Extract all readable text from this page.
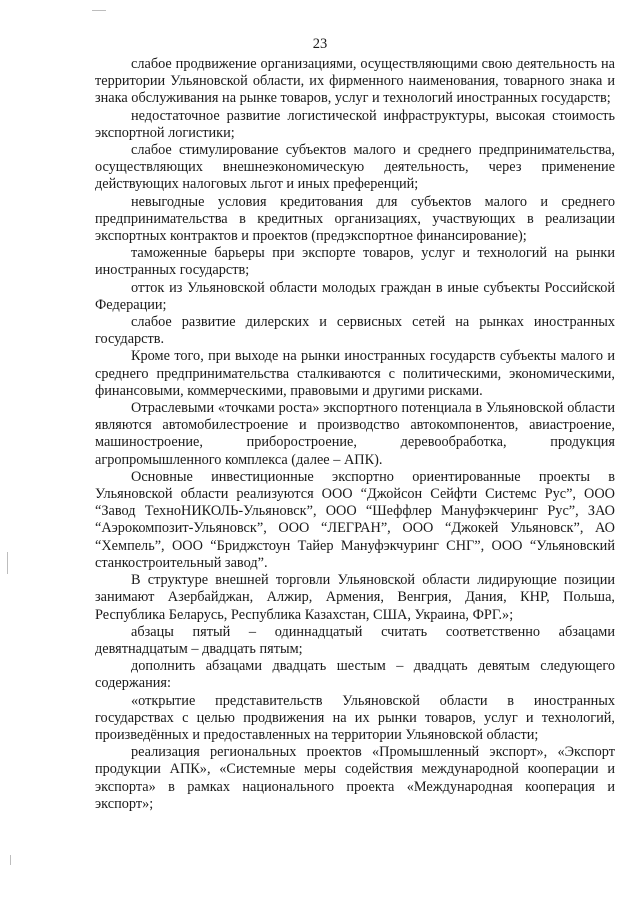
23

слабое продвижение организациями, осуществляющими свою деятельность на территории Ульяновской области, их фирменного наименования, товарного знака и знака обслуживания на рынке товаров, услуг и технологий иностранных государств;

недостаточное развитие логистической инфраструктуры, высокая стоимость экспортной логистики;

слабое стимулирование субъектов малого и среднего предпринимательства, осуществляющих внешнеэкономическую деятельность, через применение действующих налоговых льгот и иных преференций;

невыгодные условия кредитования для субъектов малого и среднего предпринимательства в кредитных организациях, участвующих в реализации экспортных контрактов и проектов (предэкспортное финансирование);

таможенные барьеры при экспорте товаров, услуг и технологий на рынки иностранных государств;

отток из Ульяновской области молодых граждан в иные субъекты Российской Федерации;

слабое развитие дилерских и сервисных сетей на рынках иностранных государств.

Кроме того, при выходе на рынки иностранных государств субъекты малого и среднего предпринимательства сталкиваются с политическими, экономическими, финансовыми, коммерческими, правовыми и другими рисками.

Отраслевыми «точками роста» экспортного потенциала в Ульяновской области являются автомобилестроение и производство автокомпонентов, авиастроение, машиностроение, приборостроение, деревообработка, продукция агропромышленного комплекса (далее – АПК).

Основные инвестиционные экспортно ориентированные проекты в Ульяновской области реализуются ООО “Джойсон Сейфти Системс Рус”, ООО “Завод ТехноНИКОЛЬ-Ульяновск”, ООО “Шеффлер Мануфэкчеринг Рус”, ЗАО “Аэрокомпозит-Ульяновск”, ООО “ЛЕГРАН”, ООО “Джокей Ульяновск”, АО “Хемпель”, ООО “Бриджстоун Тайер Мануфэкчуринг СНГ”, ООО “Ульяновский станкостроительный завод”.

В структуре внешней торговли Ульяновской области лидирующие позиции занимают Азербайджан, Алжир, Армения, Венгрия, Дания, КНР, Польша, Республика Беларусь, Республика Казахстан, США, Украина, ФРГ.»;

абзацы пятый – одиннадцатый считать соответственно абзацами девятнадцатым – двадцать пятым;

дополнить абзацами двадцать шестым – двадцать девятым следующего содержания:

«открытие представительств Ульяновской области в иностранных государствах с целью продвижения на их рынки товаров, услуг и технологий, произведённых и предоставленных на территории Ульяновской области;

реализация региональных проектов «Промышленный экспорт», «Экспорт продукции АПК», «Системные меры содействия международной кооперации и экспорта» в рамках национального проекта «Международная кооперация и экспорт»;
